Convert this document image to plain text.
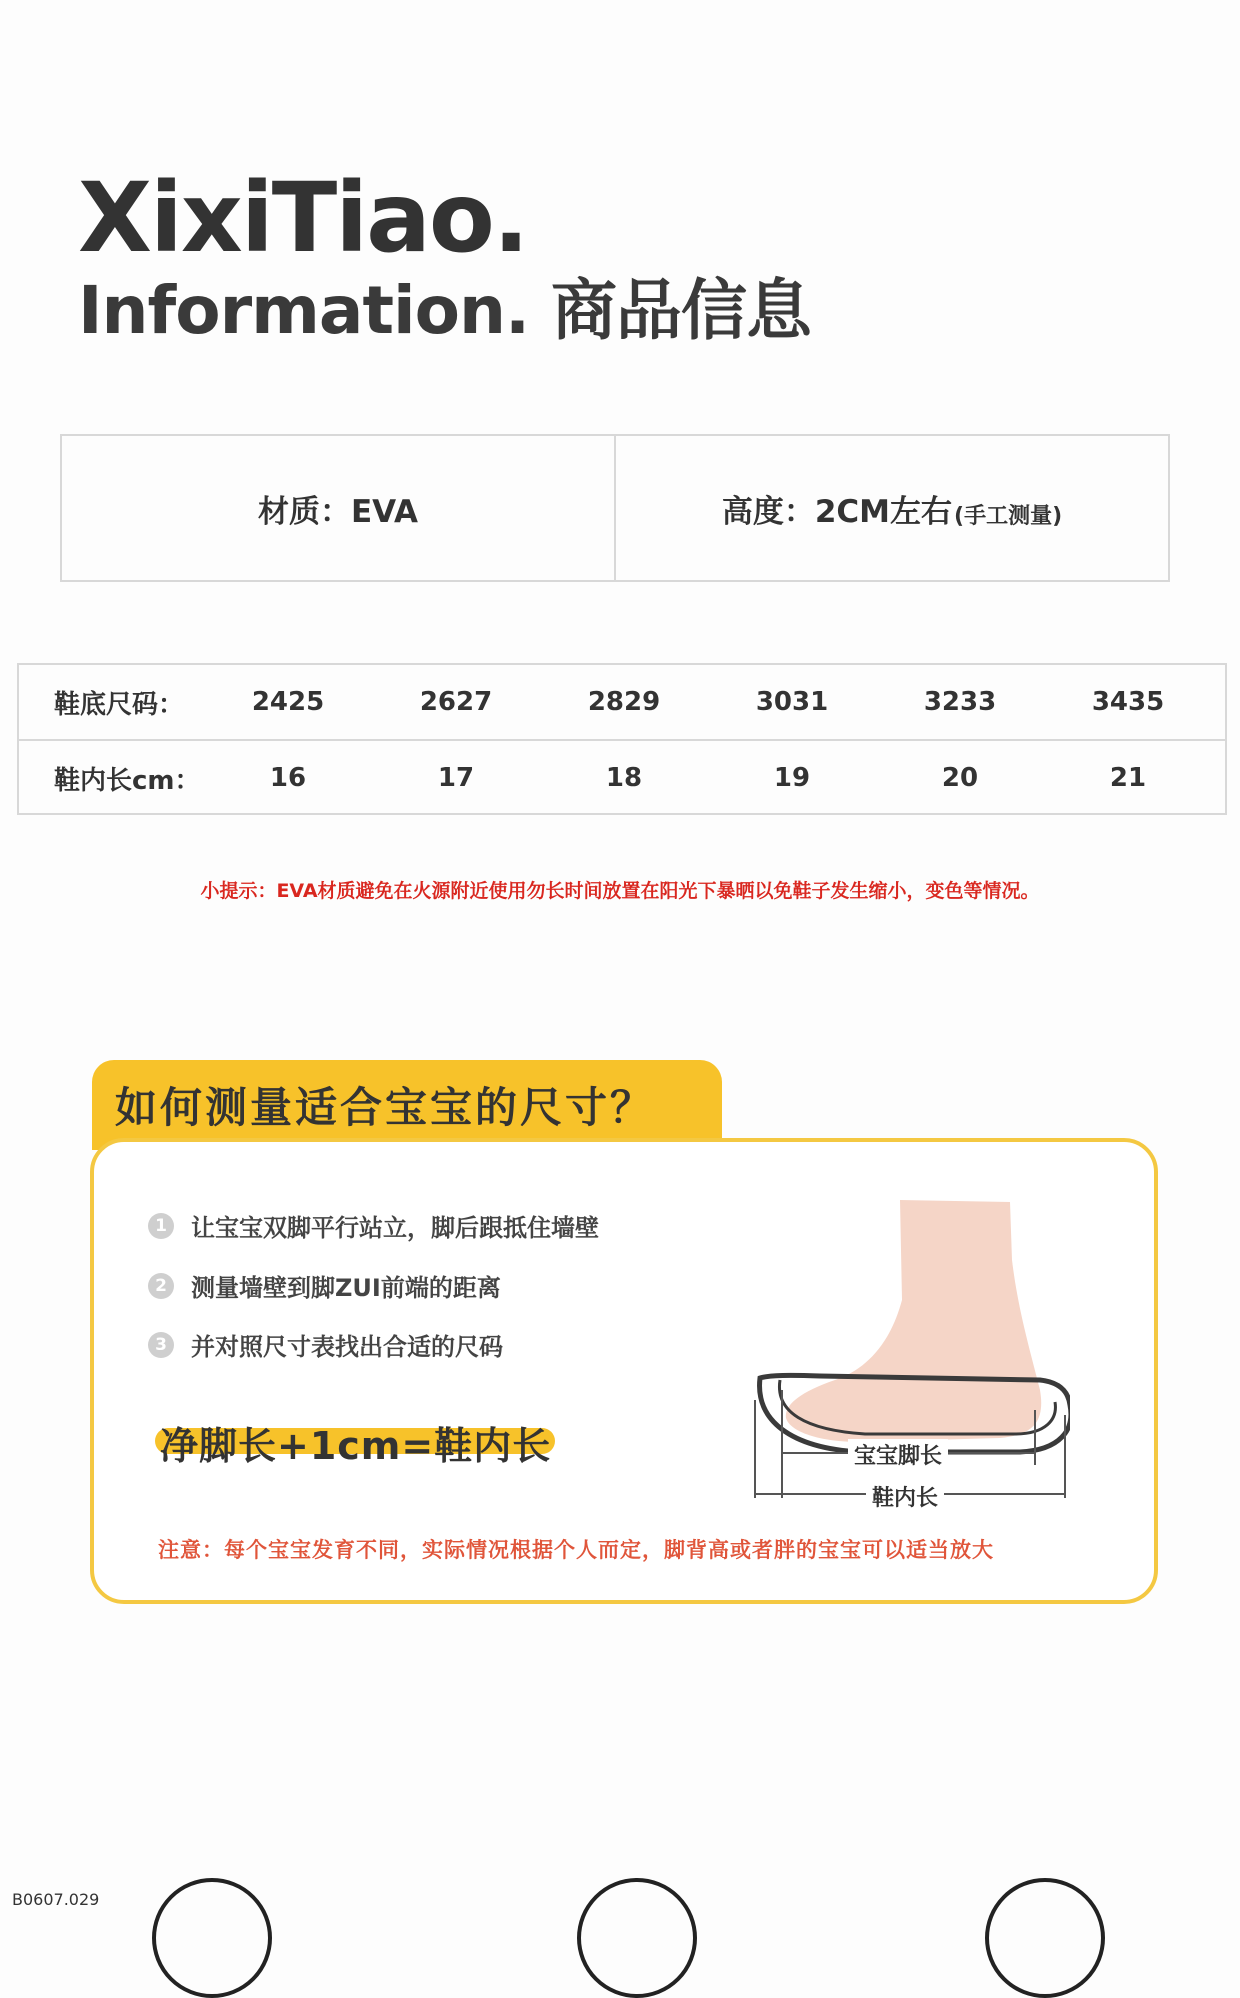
XixiTiao.
Information. 商品信息
材质：EVA	高度：2CM左右 (手工测量)
鞋底尺码：	2425	2627	2829	3031	3233	3435
鞋内长cm：	16	17	18	19	20	21
小提示：EVA材质避免在火源附近使用勿长时间放置在阳光下暴晒以免鞋子发生缩小，变色等情况。
如何测量适合宝宝的尺寸？
1 让宝宝双脚平行站立，脚后跟抵住墙壁
2 测量墙壁到脚ZUI前端的距离
3 并对照尺寸表找出合适的尺码
净脚长+1cm=鞋内长	宝宝脚长
鞋内长
注意：每个宝宝发育不同，实际情况根据个人而定，脚背高或者胖的宝宝可以适当放大
B0607.029
